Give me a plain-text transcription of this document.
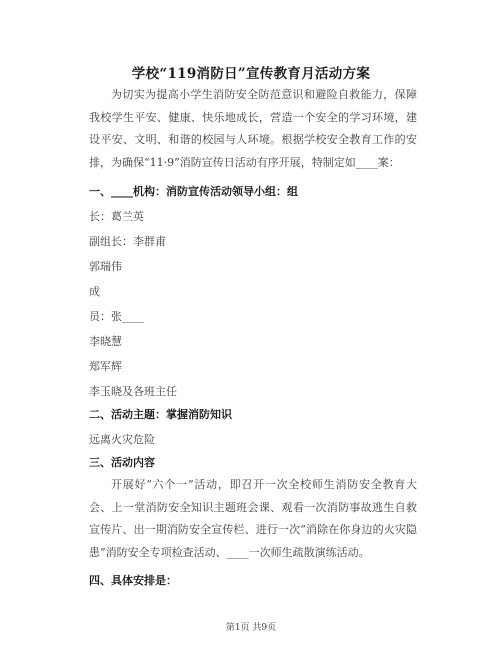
学校“119消防日”宣传教育月活动方案
为切实为提高小学生消防安全防范意识和避险自救能力，保障我校学生平安、健康、快乐地成长，营造一个安全的学习环境，建设平安、文明、和谐的校园与人环境。根据学校安全教育工作的安排，为确保“11·9”消防宣传日活动有序开展，特制定如____案：
一、____机构：消防宣传活动领导小组：组
长：葛兰英
副组长：李群甫
郭瑞伟
成
员：张____
李晓慧
郑军辉
李玉晓及各班主任
二、活动主题：掌握消防知识
远离火灾危险
三、活动内容
开展好“六个一”活动，即召开一次全校师生消防安全教育大会、上一堂消防安全知识主题班会课、观看一次消防事故逃生自救宣传片、出一期消防安全宣传栏、进行一次“消除在你身边的火灾隐患”消防安全专项检查活动、____一次师生疏散演练活动。
四、具体安排是：
第1页 共9页
